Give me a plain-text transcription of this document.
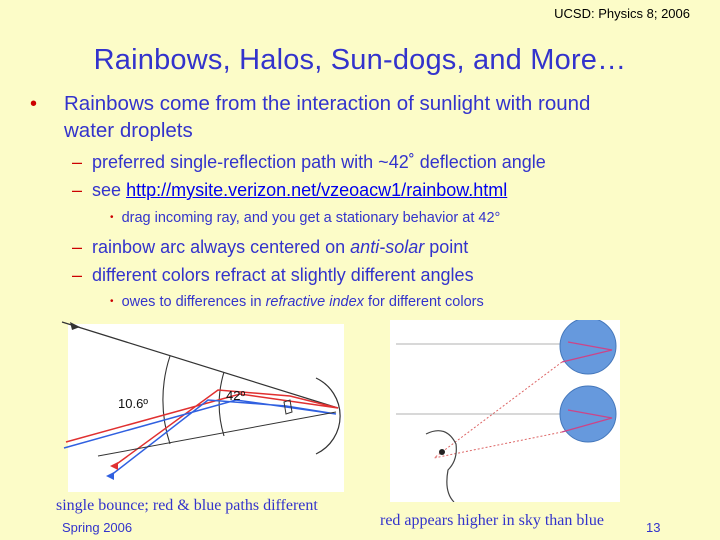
UCSD: Physics 8; 2006
Rainbows, Halos, Sun-dogs, and More…
• Rainbows come from the interaction of sunlight with round
water droplets
– preferred single-reflection path with ~42˚ deflection angle
– see http://mysite.verizon.net/vzeoacw1/rainbow.html
• drag incoming ray, and you get a stationary behavior at 42°
– rainbow arc always centered on anti-solar point
– different colors refract at slightly different angles
• owes to differences in refractive index for different colors
10.6º
42º
single bounce; red & blue paths different
red appears higher in sky than blue
Spring 2006	13
